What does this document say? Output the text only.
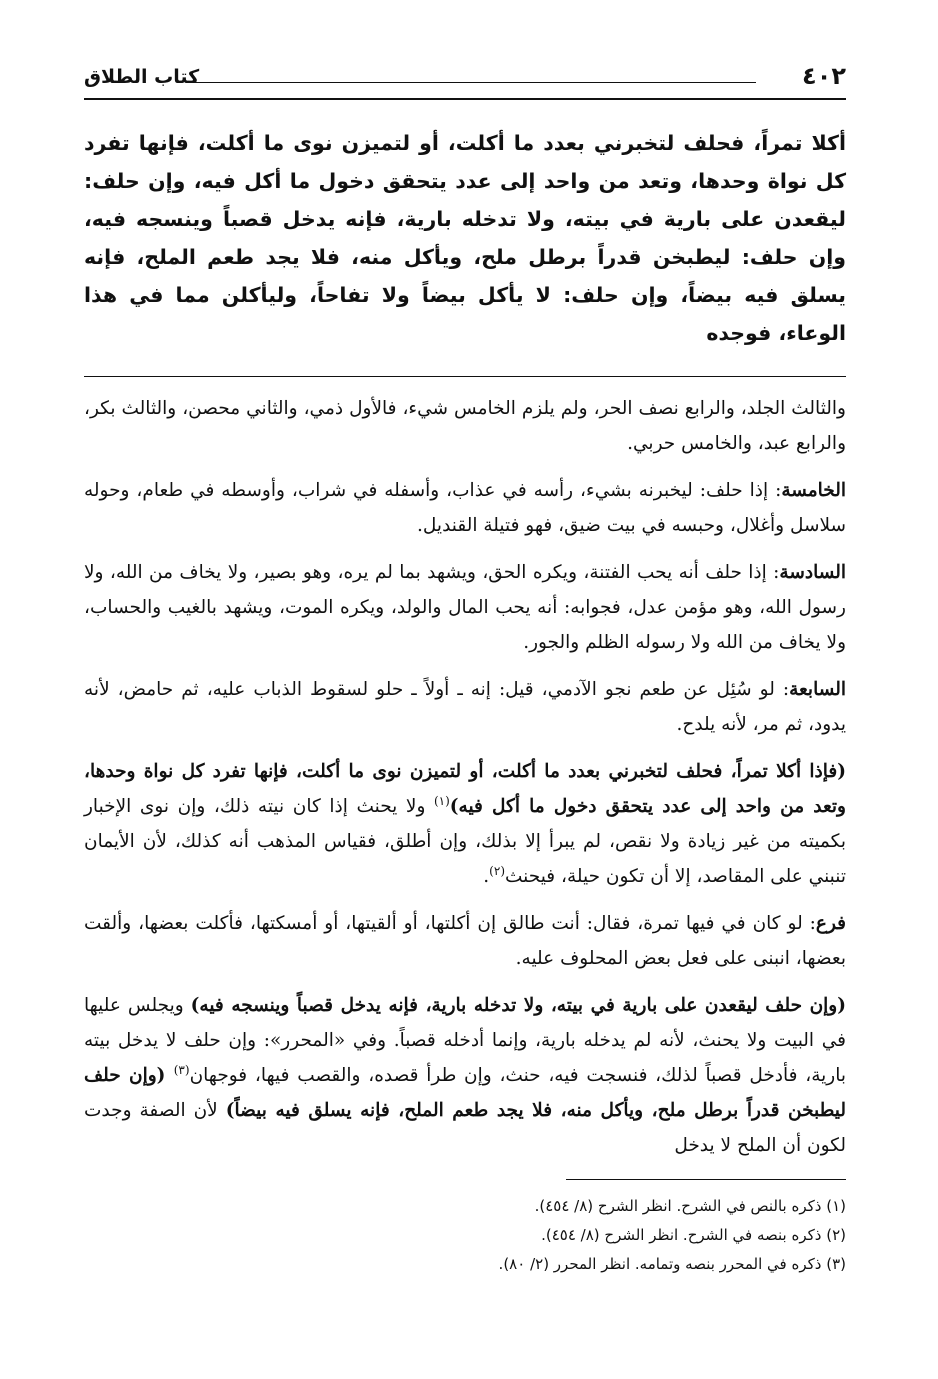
٤٠٢
كتاب الطلاق
أكلا تمراً، فحلف لتخبرني بعدد ما أكلت، أو لتميزن نوى ما أكلت، فإنها تفرد كل نواة وحدها، وتعد من واحد إلى عدد يتحقق دخول ما أكل فيه، وإن حلف: ليقعدن على بارية في بيته، ولا تدخله بارية، فإنه يدخل قصباً وينسجه فيه، وإن حلف: ليطبخن قدراً برطل ملح، ويأكل منه، فلا يجد طعم الملح، فإنه يسلق فيه بيضاً، وإن حلف: لا يأكل بيضاً ولا تفاحاً، وليأكلن مما في هذا الوعاء، فوجده

والثالث الجلد، والرابع نصف الحر، ولم يلزم الخامس شيء، فالأول ذمي، والثاني محصن، والثالث بكر، والرابع عبد، والخامس حربي.

الخامسة: إذا حلف: ليخبرنه بشيء، رأسه في عذاب، وأسفله في شراب، وأوسطه في طعام، وحوله سلاسل وأغلال، وحبسه في بيت ضيق، فهو فتيلة القنديل.

السادسة: إذا حلف أنه يحب الفتنة، ويكره الحق، ويشهد بما لم يره، وهو بصير، ولا يخاف من الله، ولا رسول الله، وهو مؤمن عدل، فجوابه: أنه يحب المال والولد، ويكره الموت، ويشهد بالغيب والحساب، ولا يخاف من الله ولا رسوله الظلم والجور.

السابعة: لو سُئِل عن طعم نجو الآدمي، قيل: إنه ـ أولاً ـ حلو لسقوط الذباب عليه، ثم حامض، لأنه يدود، ثم مر، لأنه يلدح.

(فإذا أكلا تمراً، فحلف لتخبرني بعدد ما أكلت، أو لتميزن نوى ما أكلت، فإنها تفرد كل نواة وحدها، وتعد من واحد إلى عدد يتحقق دخول ما أكل فيه)$^{(١)}$ ولا يحنث إذا كان نيته ذلك، وإن نوى الإخبار بكميته من غير زيادة ولا نقص، لم يبرأ إلا بذلك، وإن أطلق، فقياس المذهب أنه كذلك، لأن الأيمان تنبني على المقاصد، إلا أن تكون حيلة، فيحنث$^{(٢)}$.

فرع: لو كان في فيها تمرة، فقال: أنت طالق إن أكلتها، أو ألقيتها، أو أمسكتها، فأكلت بعضها، وألقت بعضها، انبنى على فعل بعض المحلوف عليه.

(وإن حلف ليقعدن على بارية في بيته، ولا تدخله بارية، فإنه يدخل قصباً وينسجه فيه) ويجلس عليها في البيت ولا يحنث، لأنه لم يدخله بارية، وإنما أدخله قصباً. وفي «المحرر»: وإن حلف لا يدخل بيته بارية، فأدخل قصباً لذلك، فنسجت فيه، حنث، وإن طرأ قصده، والقصب فيها، فوجهان$^{(٣)}$ (وإن حلف ليطبخن قدراً برطل ملح، ويأكل منه، فلا يجد طعم الملح، فإنه يسلق فيه بيضاً) لأن الصفة وجدت لكون أن الملح لا يدخل

(١) ذكره بالنص في الشرح. انظر الشرح (٨/ ٤٥٤).

(٢) ذكره بنصه في الشرح. انظر الشرح (٨/ ٤٥٤).

(٣) ذكره في المحرر بنصه وتمامه. انظر المحرر (٢/ ٨٠).
